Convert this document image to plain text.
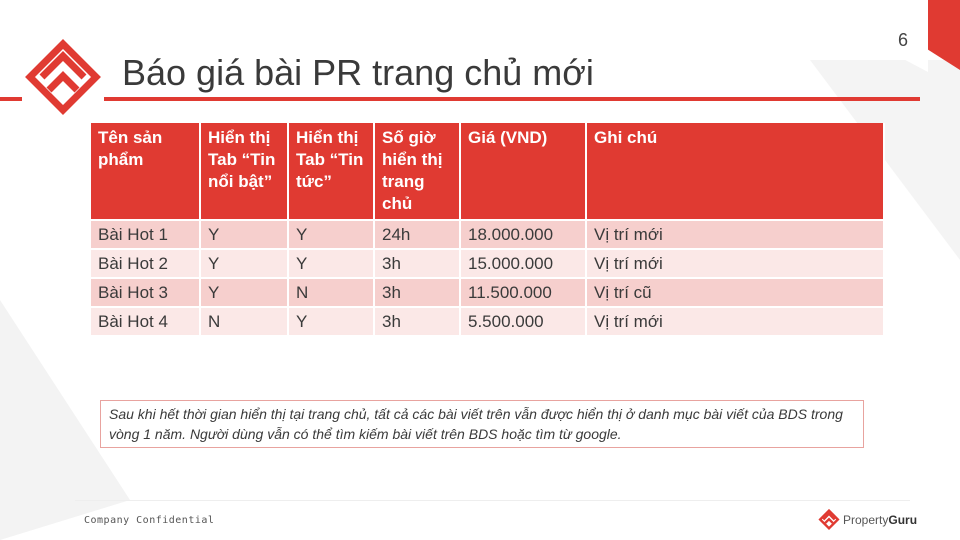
6
Báo giá bài PR trang chủ mới
Tên sản phẩm	Hiển thị Tab “Tin nổi bật”	Hiển thị Tab “Tin tức”	Số giờ hiển thị trang chủ	Giá (VND)	Ghi chú
Bài Hot 1	Y	Y	24h	18.000.000	Vị trí mới
Bài Hot 2	Y	Y	3h	15.000.000	Vị trí mới
Bài Hot 3	Y	N	3h	11.500.000	Vị trí cũ
Bài Hot 4	N	Y	3h	5.500.000	Vị trí mới
Sau khi hết thời gian hiển thị tại trang chủ, tất cả các bài viết trên vẫn được hiển thị ở danh mục bài viết của BDS trong vòng 1 năm. Người dùng vẫn có thể tìm kiếm bài viết trên BDS hoặc tìm từ google.
Company Confidential	PropertyGuru
